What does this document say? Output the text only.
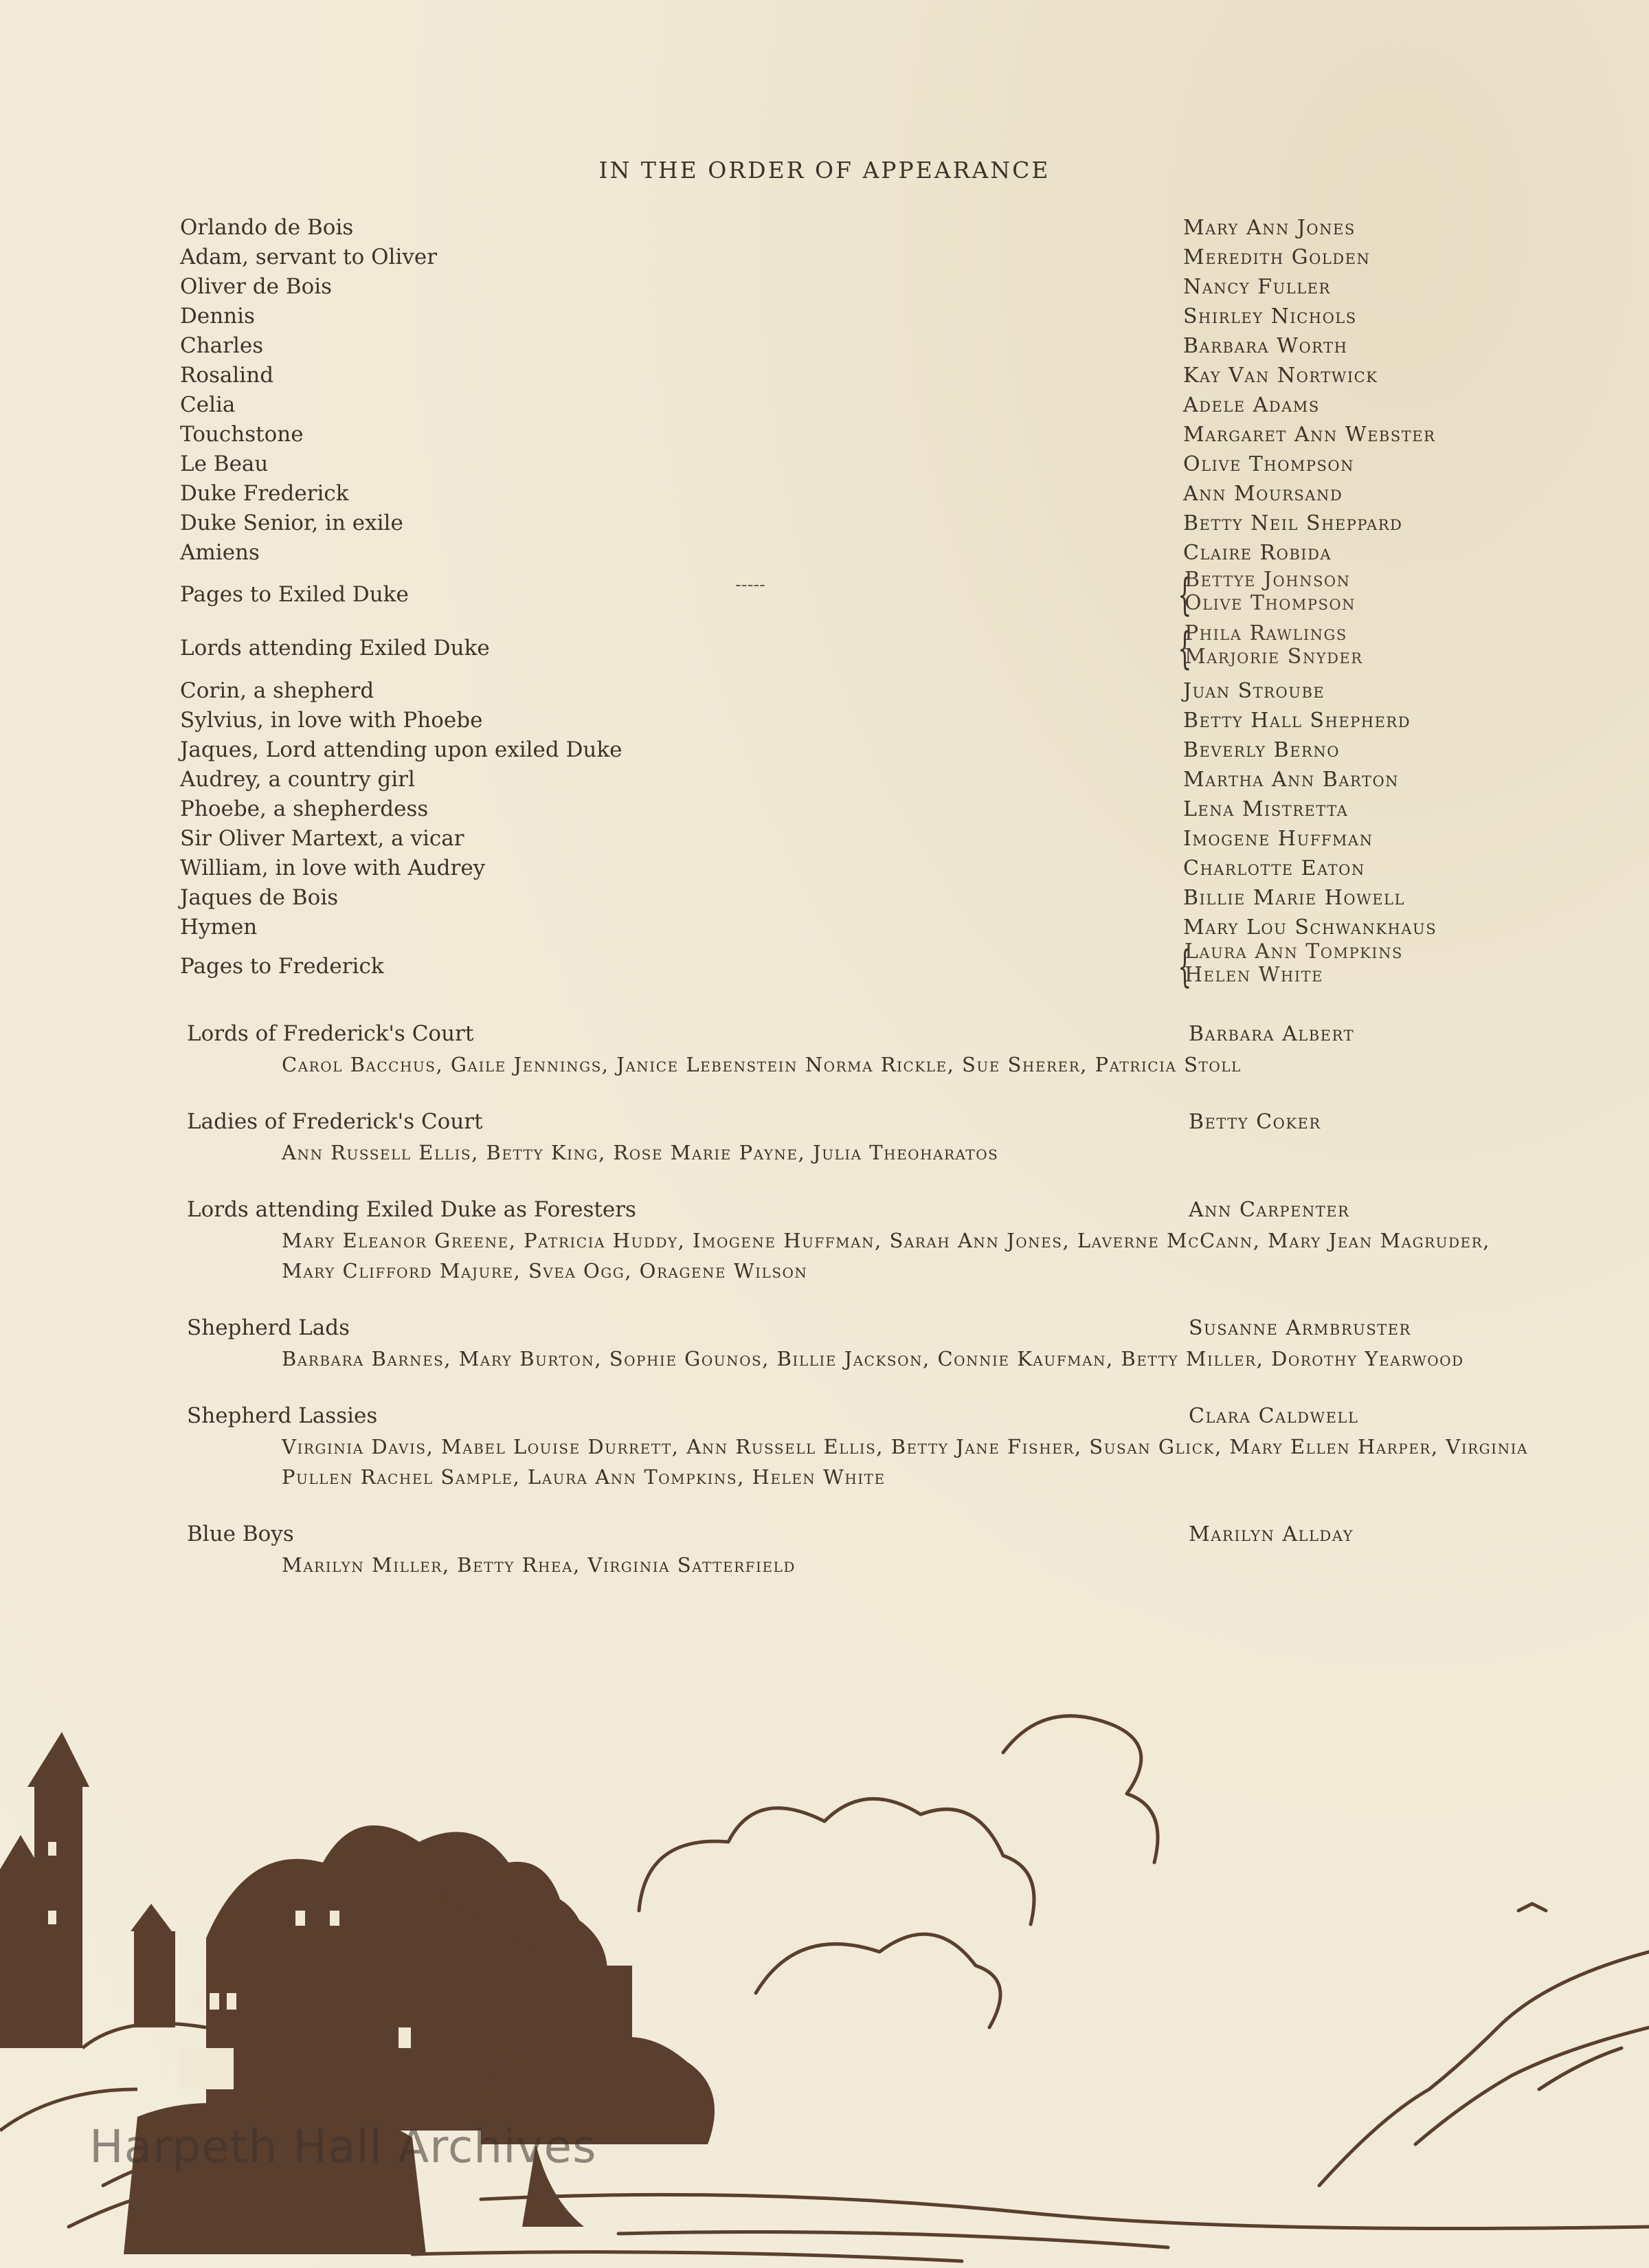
IN THE ORDER OF APPEARANCE
Orlando de Bois	Mary Ann Jones
Adam, servant to Oliver	Meredith Golden
Oliver de Bois	Nancy Fuller
Dennis	Shirley Nichols
Charles	Barbara Worth
Rosalind	Kay Van Nortwick
Celia	Adele Adams
Touchstone	Margaret Ann Webster
Le Beau	Olive Thompson
Duke Frederick	Ann Moursand
Duke Senior, in exile	Betty Neil Sheppard
Amiens	Claire Robida
Pages to Exiled Duke	-----	{
Bettye Johnson
Olive Thompson
Lords attending Exiled Duke	{
Phila Rawlings
Marjorie Snyder
Corin, a shepherd	Juan Stroube
Sylvius, in love with Phoebe	Betty Hall Shepherd
Jaques, Lord attending upon exiled Duke	Beverly Berno
Audrey, a country girl	Martha Ann Barton
Phoebe, a shepherdess	Lena Mistretta
Sir Oliver Martext, a vicar	Imogene Huffman
William, in love with Audrey	Charlotte Eaton
Jaques de Bois	Billie Marie Howell
Hymen	Mary Lou Schwankhaus
Pages to Frederick	{
Laura Ann Tompkins
Helen White
Lords of Frederick's Court	Barbara Albert
Carol Bacchus, Gaile Jennings, Janice Lebenstein Norma Rickle, Sue Sherer, Patricia Stoll
Ladies of Frederick's Court	Betty Coker
Ann Russell Ellis, Betty King, Rose Marie Payne, Julia Theoharatos
Lords attending Exiled Duke as Foresters	Ann Carpenter
Mary Eleanor Greene, Patricia Huddy, Imogene Huffman, Sarah Ann Jones, Laverne McCann, Mary Jean Magruder, Mary Clifford Majure, Svea Ogg, Oragene Wilson
Shepherd Lads	Susanne Armbruster
Barbara Barnes, Mary Burton, Sophie Gounos, Billie Jackson, Connie Kaufman, Betty Miller, Dorothy Yearwood
Shepherd Lassies	Clara Caldwell
Virginia Davis, Mabel Louise Durrett, Ann Russell Ellis, Betty Jane Fisher, Susan Glick, Mary Ellen Harper, Virginia Pullen Rachel Sample, Laura Ann Tompkins, Helen White
Blue Boys	Marilyn Allday
Marilyn Miller, Betty Rhea, Virginia Satterfield
Harpeth Hall Archives
